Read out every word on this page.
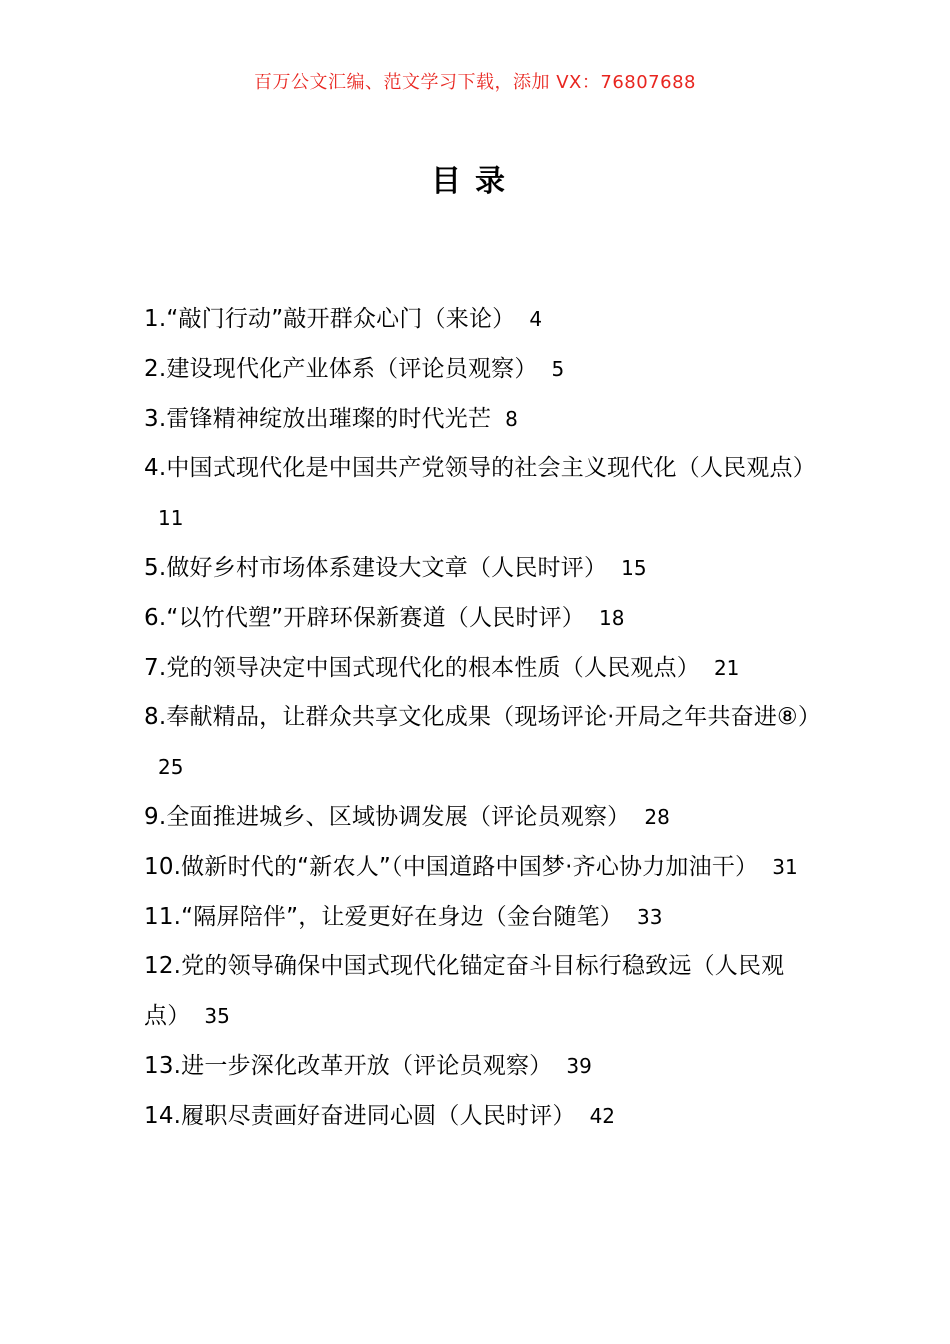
百万公文汇编、范文学习下载，添加 VX：76807688
目录

1.“敲门行动”敲开群众心门（来论） 4

2.建设现代化产业体系（评论员观察） 5

3.雷锋精神绽放出璀璨的时代光芒 8

4.中国式现代化是中国共产党领导的社会主义现代化（人民观点）11

5.做好乡村市场体系建设大文章（人民时评） 15

6.“以竹代塑”开辟环保新赛道（人民时评） 18

7.党的领导决定中国式现代化的根本性质（人民观点） 21

8.奉献精品，让群众共享文化成果（现场评论·开局之年共奋进⑧）25

9.全面推进城乡、区域协调发展（评论员观察） 28

10.做新时代的“新农人”（中国道路中国梦·齐心协力加油干） 31

11.“隔屏陪伴”，让爱更好在身边（金台随笔） 33

12.党的领导确保中国式现代化锚定奋斗目标行稳致远（人民观点） 35

13.进一步深化改革开放（评论员观察） 39

14.履职尽责画好奋进同心圆（人民时评） 42
